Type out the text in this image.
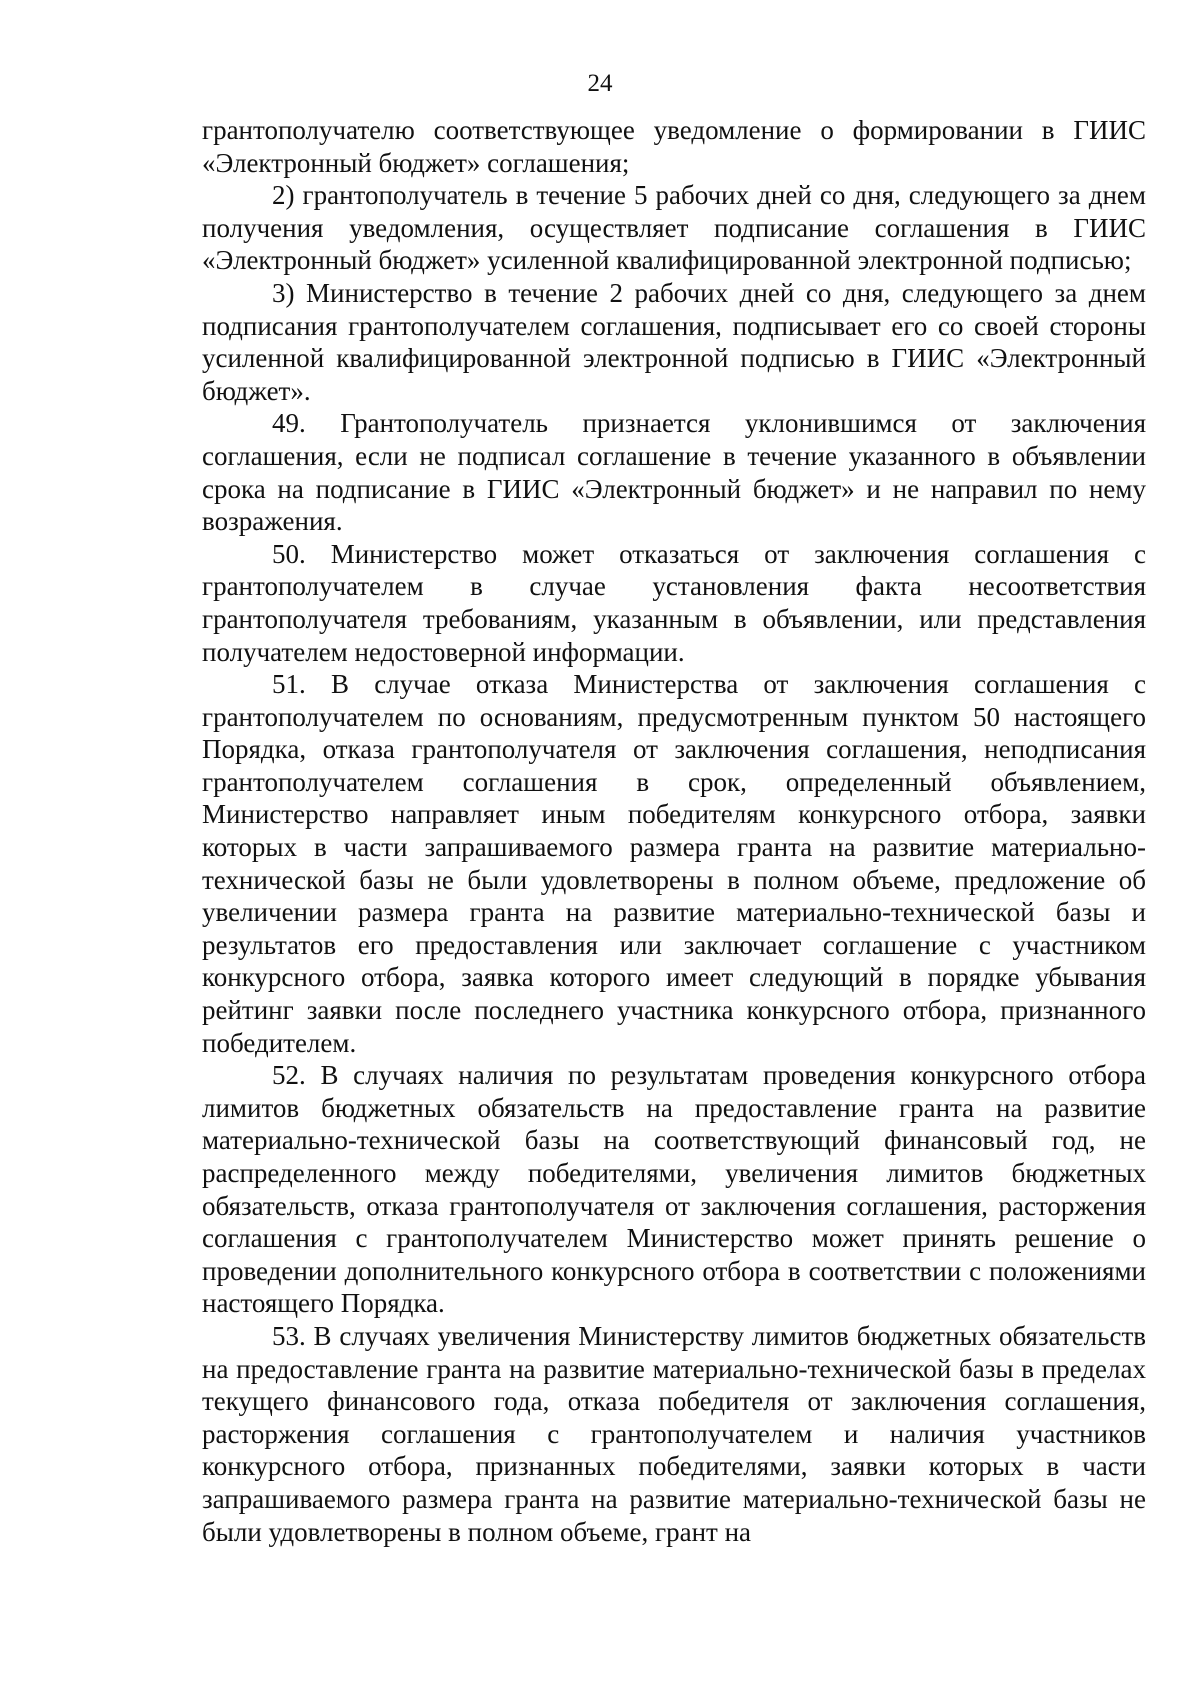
24

грантополучателю соответствующее уведомление о формировании в ГИИС «Электронный бюджет» соглашения;

2) грантополучатель в течение 5 рабочих дней со дня, следующего за днем получения уведомления, осуществляет подписание соглашения в ГИИС «Электронный бюджет» усиленной квалифицированной электронной подписью;

3) Министерство в течение 2 рабочих дней со дня, следующего за днем подписания грантополучателем соглашения, подписывает его со своей стороны усиленной квалифицированной электронной подписью в ГИИС «Электронный бюджет».

49. Грантополучатель признается уклонившимся от заключения соглашения, если не подписал соглашение в течение указанного в объявлении срока на подписание в ГИИС «Электронный бюджет» и не направил по нему возражения.

50. Министерство может отказаться от заключения соглашения с грантополучателем в случае установления факта несоответствия грантополучателя требованиям, указанным в объявлении, или представления получателем недостоверной информации.

51. В случае отказа Министерства от заключения соглашения с грантополучателем по основаниям, предусмотренным пунктом 50 настоящего Порядка, отказа грантополучателя от заключения соглашения, неподписания грантополучателем соглашения в срок, определенный объявлением, Министерство направляет иным победителям конкурсного отбора, заявки которых в части запрашиваемого размера гранта на развитие материально-технической базы не были удовлетворены в полном объеме, предложение об увеличении размера гранта на развитие материально-технической базы и результатов его предоставления или заключает соглашение с участником конкурсного отбора, заявка которого имеет следующий в порядке убывания рейтинг заявки после последнего участника конкурсного отбора, признанного победителем.

52. В случаях наличия по результатам проведения конкурсного отбора лимитов бюджетных обязательств на предоставление гранта на развитие материально-технической базы на соответствующий финансовый год, не распределенного между победителями, увеличения лимитов бюджетных обязательств, отказа грантополучателя от заключения соглашения, расторжения соглашения с грантополучателем Министерство может принять решение о проведении дополнительного конкурсного отбора в соответствии с положениями настоящего Порядка.

53. В случаях увеличения Министерству лимитов бюджетных обязательств на предоставление гранта на развитие материально-технической базы в пределах текущего финансового года, отказа победителя от заключения соглашения, расторжения соглашения с грантополучателем и наличия участников конкурсного отбора, признанных победителями, заявки которых в части запрашиваемого размера гранта на развитие материально-технической базы не были удовлетворены в полном объеме, грант на
